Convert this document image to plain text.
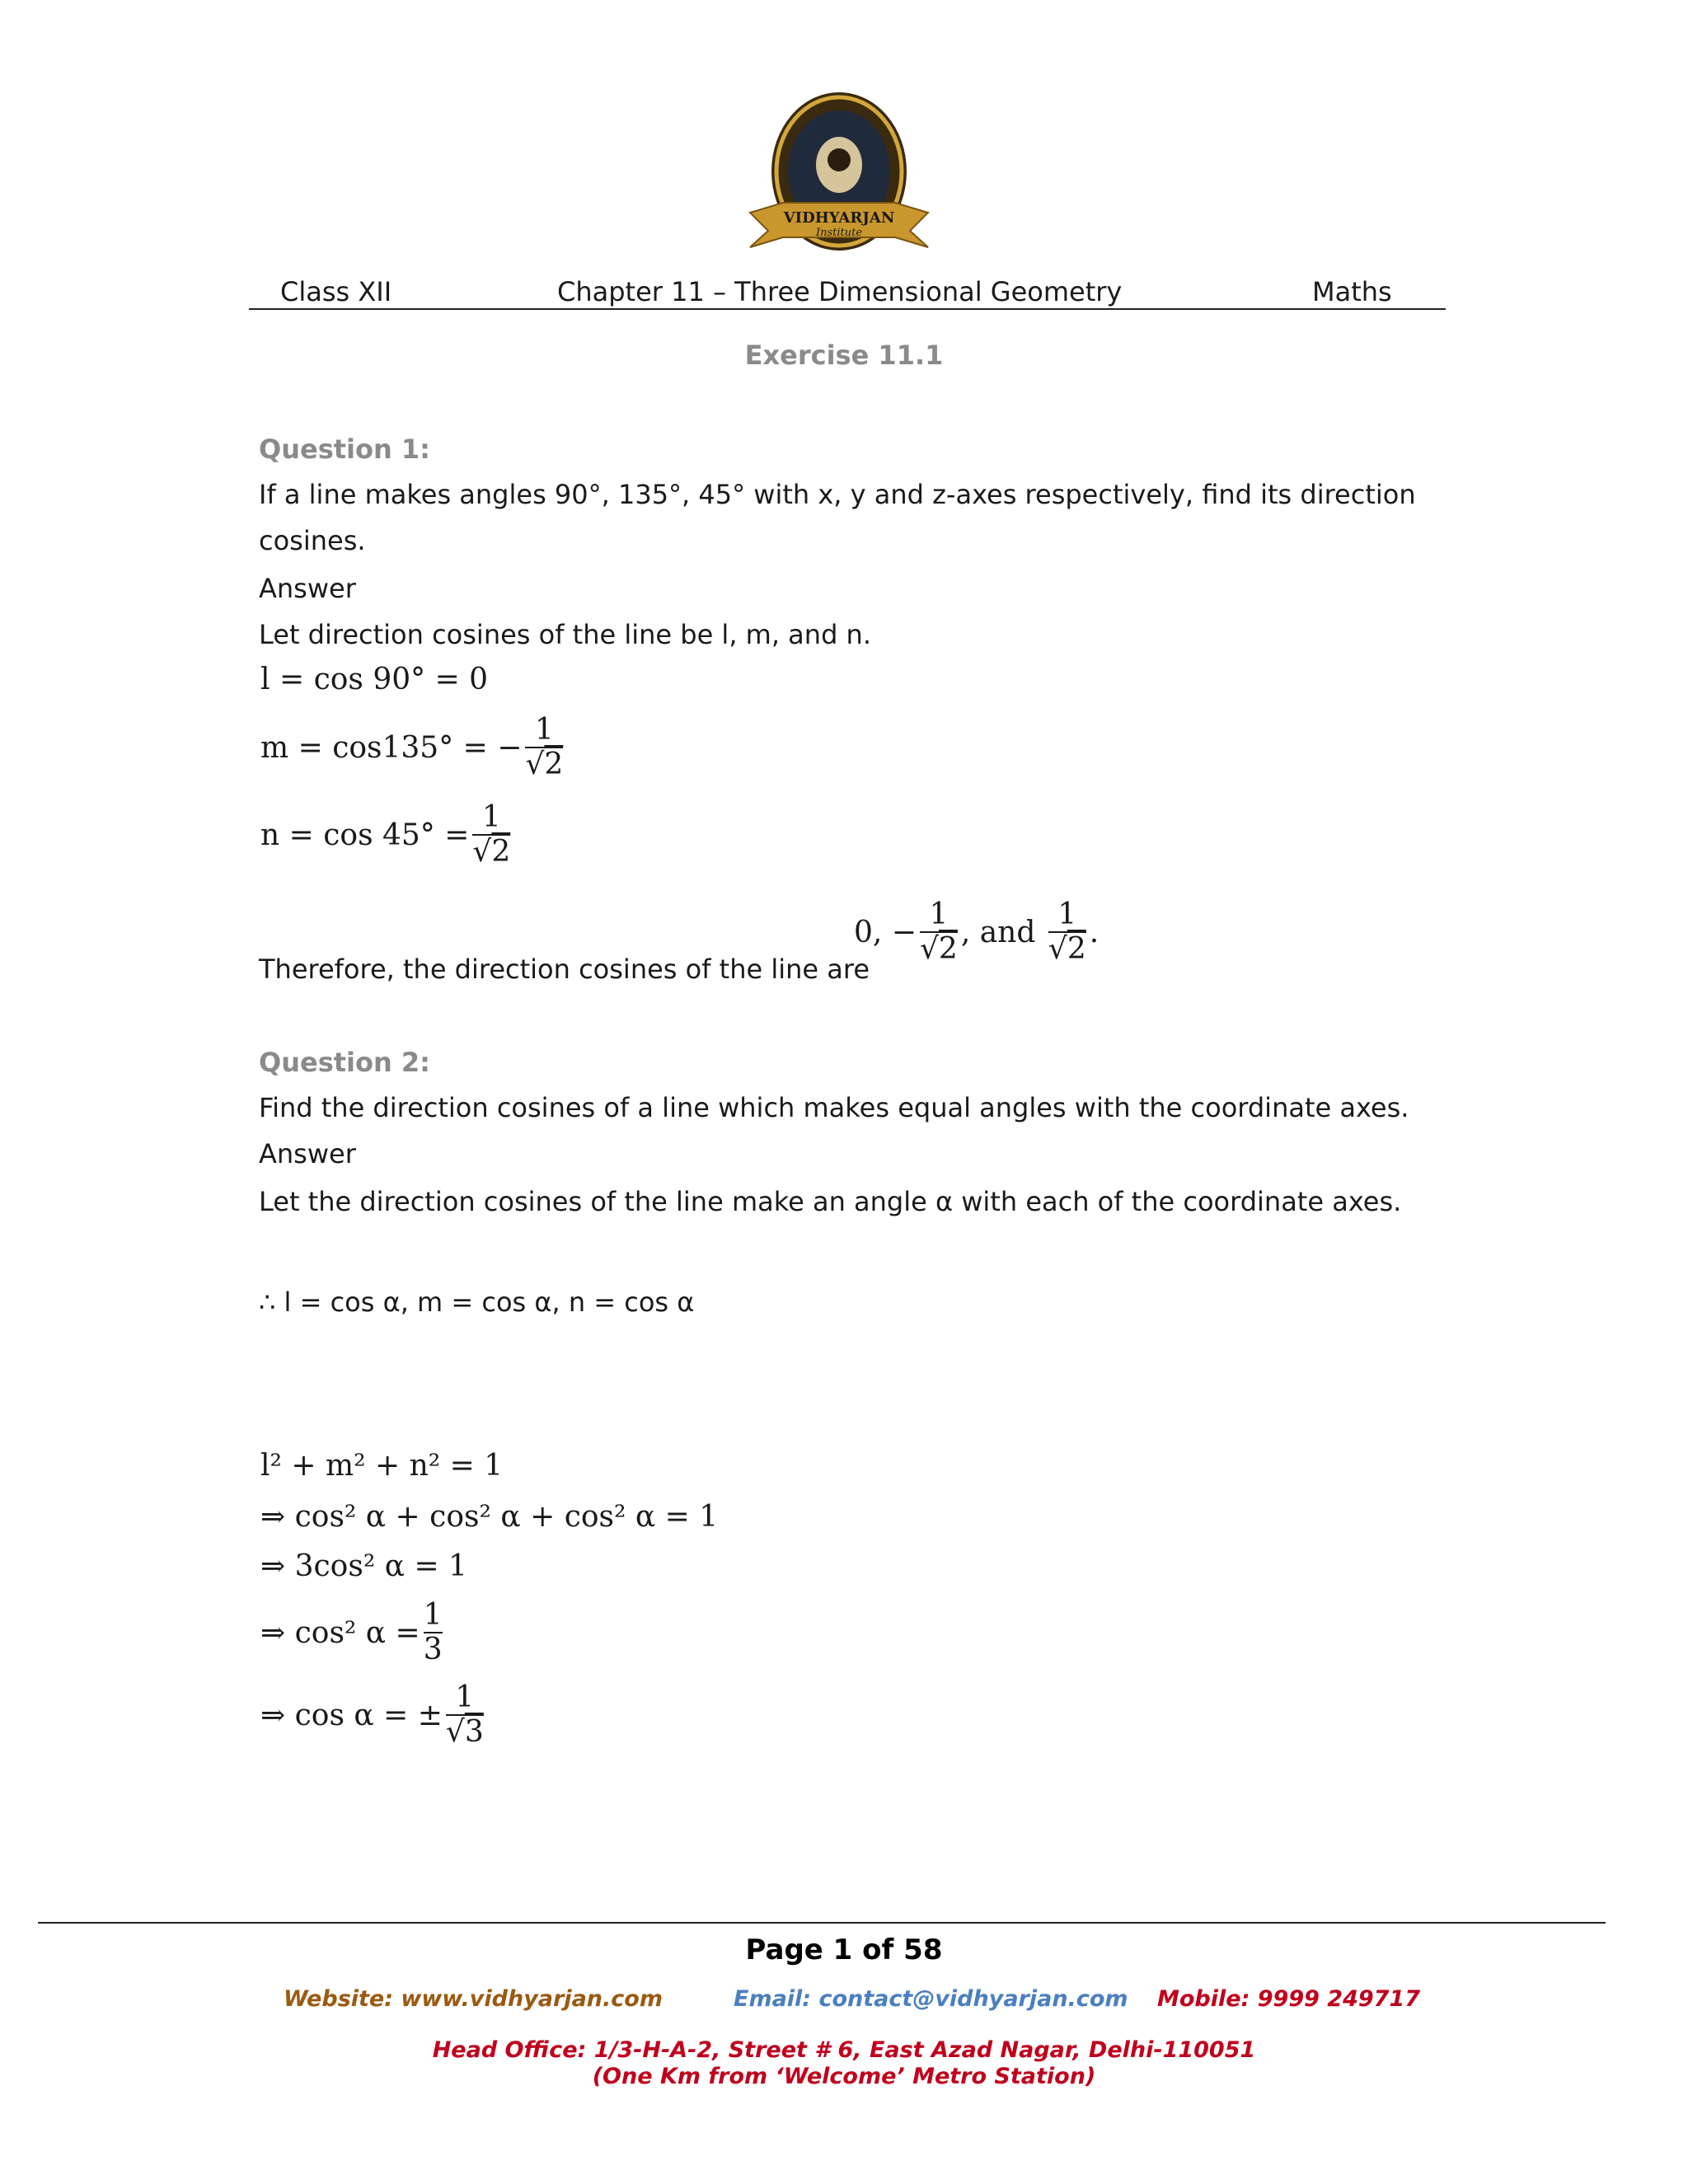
VIDHYARJAN
Institute
Class XII	Chapter 11 – Three Dimensional Geometry	Maths
Exercise 11.1
Question 1:
If a line makes angles 90°, 135°, 45° with x, y and z-axes respectively, find its direction
cosines.
Answer
Let direction cosines of the line be l, m, and n.
l = cos 90° = 0
m = cos135° = − $\frac{1}{√2}$
$n = \cos 45^\circ = \frac{1}{√2}$
Therefore, the direction cosines of the line are
0, − $\frac{1}{√2}$ , and
$\frac{1}{√2}$ .
Question 2:
Find the direction cosines of a line which makes equal angles with the coordinate axes.
Answer
Let the direction cosines of the line make an angle α with each of the coordinate axes.
∴ l = cos α, m = cos α, n = cos α
l² + m² + n² = 1
⇒ cos² α + cos² α + cos² α = 1
⇒ 3cos² α = 1
⇒ cos² $\alpha = \frac{1}{3}$
⇒ cos α = ± $\frac{1}{√3}$
Page 1 of 58
Website: www.vidhyarjan.com	Email: contact@vidhyarjan.com Mobile: 9999 249717
Head Office: 1/3-H-A-2, Street # 6, East Azad Nagar, Delhi-110051
(One Km from ‘Welcome’ Metro Station)
